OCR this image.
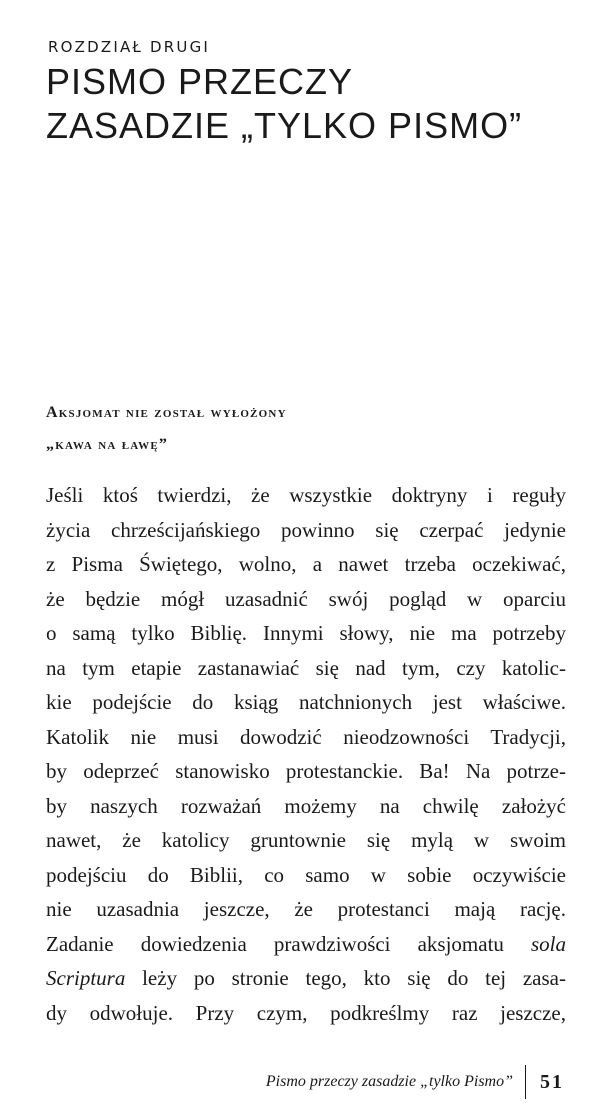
ROZDZIAŁ DRUGI
PISMO PRZECZY
ZASADZIE „TYLKO PISMO”
Aksjomat nie został wyłożony
„kawa na ławę”
Jeśli ktoś twierdzi, że wszystkie doktryny i reguły
życia chrześcijańskiego powinno się czerpać jedynie
z Pisma Świętego, wolno, a nawet trzeba oczekiwać,
że będzie mógł uzasadnić swój pogląd w oparciu
o samą tylko Biblię. Innymi słowy, nie ma potrzeby
na tym etapie zastanawiać się nad tym, czy katolic-
kie podejście do ksiąg natchnionych jest właściwe.
Katolik nie musi dowodzić nieodzowności Tradycji,
by odeprzeć stanowisko protestanckie. Ba! Na potrze-
by naszych rozważań możemy na chwilę założyć
nawet, że katolicy gruntownie się mylą w swoim
podejściu do Biblii, co samo w sobie oczywiście
nie uzasadnia jeszcze, że protestanci mają rację.
Zadanie dowiedzenia prawdziwości aksjomatu sola
Scriptura leży po stronie tego, kto się do tej zasa-
dy odwołuje. Przy czym, podkreślmy raz jeszcze,
Pismo przeczy zasadzie „tylko Pismo”	51
